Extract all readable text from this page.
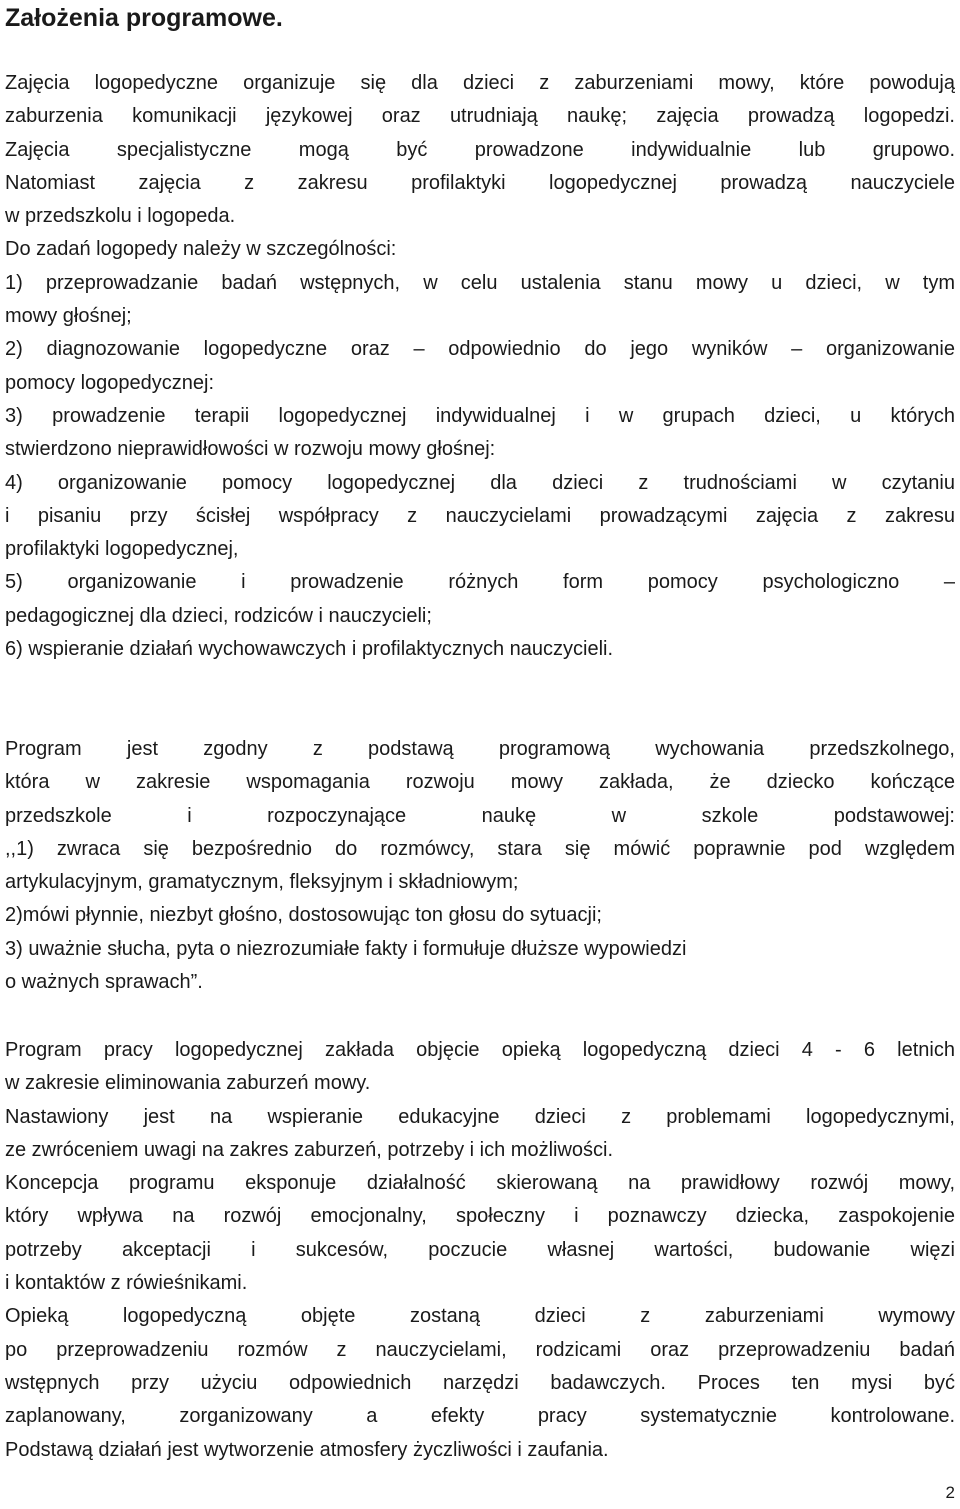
Założenia programowe.
Zajęcia logopedyczne organizuje się dla dzieci z zaburzeniami mowy, które powodują
zaburzenia komunikacji językowej oraz utrudniają naukę; zajęcia prowadzą logopedzi.
Zajęcia specjalistyczne mogą być prowadzone indywidualnie lub grupowo.
Natomiast zajęcia z zakresu profilaktyki logopedycznej prowadzą nauczyciele
w przedszkolu i logopeda.
Do zadań logopedy należy w szczególności:
1) przeprowadzanie badań wstępnych, w celu ustalenia stanu mowy u dzieci, w tym
mowy głośnej;
2) diagnozowanie logopedyczne oraz – odpowiednio do jego wyników – organizowanie
pomocy logopedycznej:
3) prowadzenie terapii logopedycznej indywidualnej i w grupach dzieci, u których
stwierdzono nieprawidłowości w rozwoju mowy głośnej:
4) organizowanie pomocy logopedycznej dla dzieci z trudnościami w czytaniu
i pisaniu przy ścisłej współpracy z nauczycielami prowadzącymi zajęcia z zakresu
profilaktyki logopedycznej,
5) organizowanie i prowadzenie różnych form pomocy psychologiczno –
pedagogicznej dla dzieci, rodziców i nauczycieli;
6) wspieranie działań wychowawczych i profilaktycznych nauczycieli.
Program jest zgodny z podstawą programową wychowania przedszkolnego,
która w zakresie wspomagania rozwoju mowy zakłada, że dziecko kończące
przedszkole i rozpoczynające naukę w szkole podstawowej:
,,1) zwraca się bezpośrednio do rozmówcy, stara się mówić poprawnie pod względem
artykulacyjnym, gramatycznym, fleksyjnym i składniowym;
2)mówi płynnie, niezbyt głośno, dostosowując ton głosu do sytuacji;
3) uważnie słucha, pyta o niezrozumiałe fakty i formułuje dłuższe wypowiedzi
o ważnych sprawach”.
Program pracy logopedycznej zakłada objęcie opieką logopedyczną dzieci 4 - 6 letnich
w zakresie eliminowania zaburzeń mowy.
Nastawiony jest na wspieranie edukacyjne dzieci z problemami logopedycznymi,
ze zwróceniem uwagi na zakres zaburzeń, potrzeby i ich możliwości.
Koncepcja programu eksponuje działalność skierowaną na prawidłowy rozwój mowy,
który wpływa na rozwój emocjonalny, społeczny i poznawczy dziecka, zaspokojenie
potrzeby akceptacji i sukcesów, poczucie własnej wartości, budowanie więzi
i kontaktów z rówieśnikami.
Opieką logopedyczną objęte zostaną dzieci z zaburzeniami wymowy
po przeprowadzeniu rozmów z nauczycielami, rodzicami oraz przeprowadzeniu badań
wstępnych przy użyciu odpowiednich narzędzi badawczych. Proces ten mysi być
zaplanowany, zorganizowany a efekty pracy systematycznie kontrolowane.
Podstawą działań jest wytworzenie atmosfery życzliwości i zaufania.
2
